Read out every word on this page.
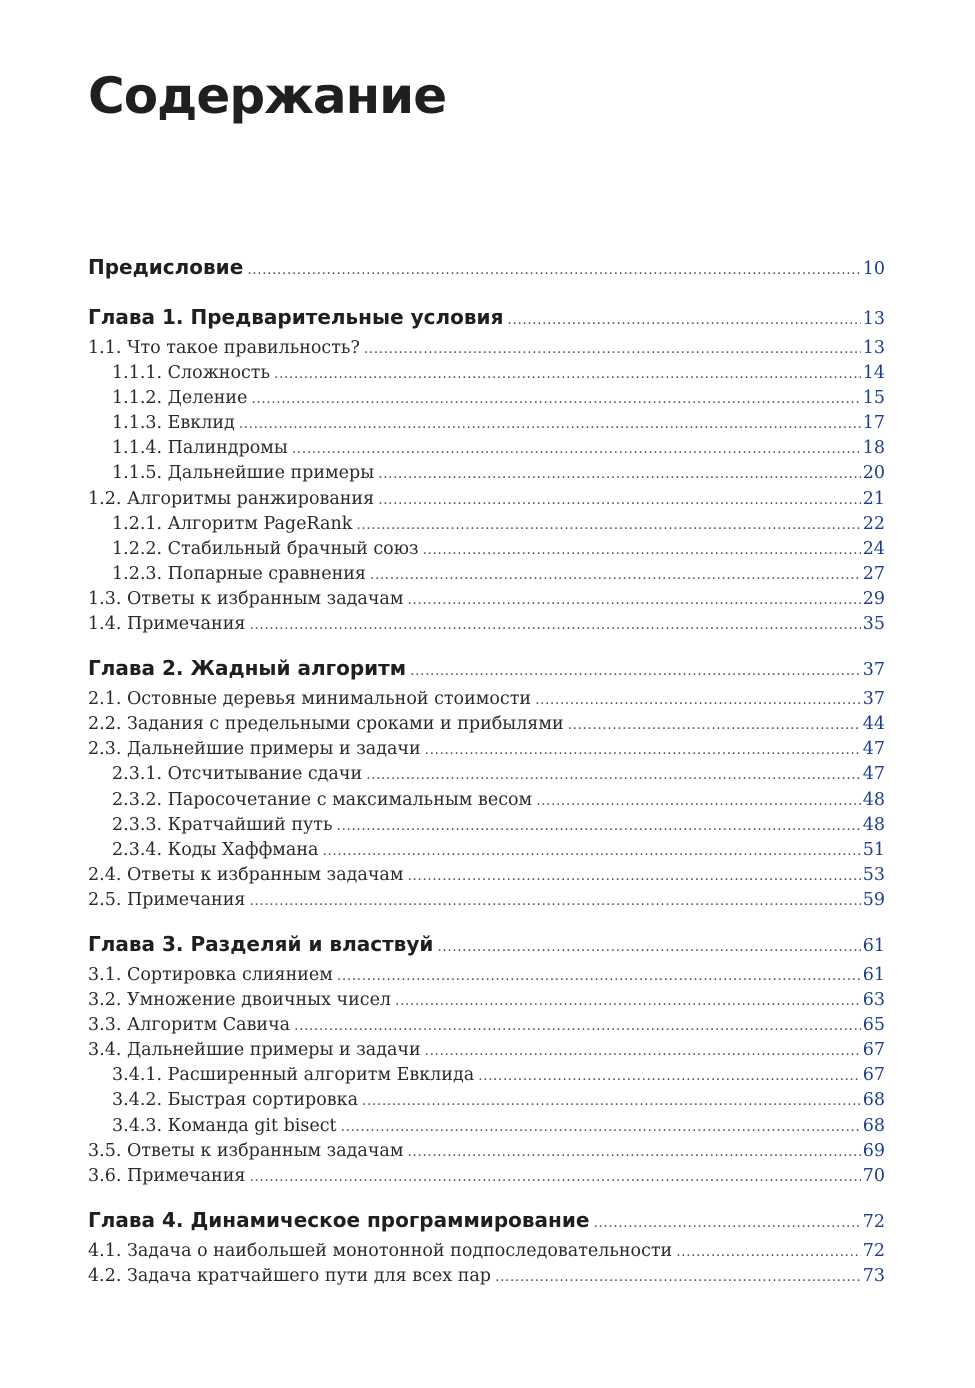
Содержание
Предисловие .....	10
Глава 1. Предварительные условия .....	13
1.1. Что такое правильность? .....	13
1.1.1. Сложность .....	14
1.1.2. Деление .....	15
1.1.3. Евклид .....	17
1.1.4. Палиндромы .....	18
1.1.5. Дальнейшие примеры .....	20
1.2. Алгоритмы ранжирования .....	21
1.2.1. Алгоритм PageRank .....	22
1.2.2. Стабильный брачный союз .....	24
1.2.3. Попарные сравнения .....	27
1.3. Ответы к избранным задачам .....	29
1.4. Примечания .....	35
Глава 2. Жадный алгоритм .....	37
2.1. Остовные деревья минимальной стоимости .....	37
2.2. Задания с предельными сроками и прибылями .....	44
2.3. Дальнейшие примеры и задачи .....	47
2.3.1. Отсчитывание сдачи .....	47
2.3.2. Паросочетание с максимальным весом .....	48
2.3.3. Кратчайший путь .....	48
2.3.4. Коды Хаффмана .....	51
2.4. Ответы к избранным задачам .....	53
2.5. Примечания .....	59
Глава 3. Разделяй и властвуй .....	61
3.1. Сортировка слиянием .....	61
3.2. Умножение двоичных чисел .....	63
3.3. Алгоритм Савича .....	65
3.4. Дальнейшие примеры и задачи .....	67
3.4.1. Расширенный алгоритм Евклида .....	67
3.4.2. Быстрая сортировка .....	68
3.4.3. Команда git bisect .....	68
3.5. Ответы к избранным задачам .....	69
3.6. Примечания .....	70
Глава 4. Динамическое программирование .....	72
4.1. Задача о наибольшей монотонной подпоследовательности .....	72
4.2. Задача кратчайшего пути для всех пар .....	73
